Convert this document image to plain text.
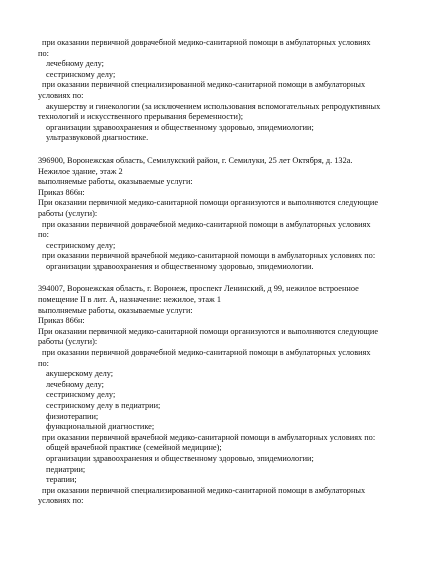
при оказании первичной доврачебной медико-санитарной помощи в амбулаторных условиях

по:

лечебному делу;

сестринскому делу;

при оказании первичной специализированной медико-санитарной помощи в амбулаторных

условиях по:

акушерству и гинекологии (за исключением использования вспомогательных репродуктивных

технологий и искусственного прерывания беременности);

организации здравоохранения и общественному здоровью, эпидемиологии;

ультразвуковой диагностике.

396900, Воронежская область, Семилукский район, г. Семилуки, 25 лет Октября, д. 132а.

Нежилое здание, этаж 2

выполняемые работы, оказываемые услуги:

Приказ 866н:

При оказании первичной медико-санитарной помощи организуются и выполняются следующие

работы (услуги):

при оказании первичной доврачебной медико-санитарной помощи в амбулаторных условиях

по:

сестринскому делу;

при оказании первичной врачебной медико-санитарной помощи в амбулаторных условиях по:

организации здравоохранения и общественному здоровью, эпидемиологии.

394007, Воронежская область, г. Воронеж, проспект Ленинский, д 99, нежилое встроенное

помещение II в лит. А, назначение: нежилое, этаж 1

выполняемые работы, оказываемые услуги:

Приказ 866н:

При оказании первичной медико-санитарной помощи организуются и выполняются следующие

работы (услуги):

при оказании первичной доврачебной медико-санитарной помощи в амбулаторных условиях

по:

акушерскому делу;

лечебному делу;

сестринскому делу;

сестринскому делу в педиатрии;

физиотерапии;

функциональной диагностике;

при оказании первичной врачебной медико-санитарной помощи в амбулаторных условиях по:

общей врачебной практике (семейной медицине);

организации здравоохранения и общественному здоровью, эпидемиологии;

педиатрии;

терапии;

при оказании первичной специализированной медико-санитарной помощи в амбулаторных

условиях по:
